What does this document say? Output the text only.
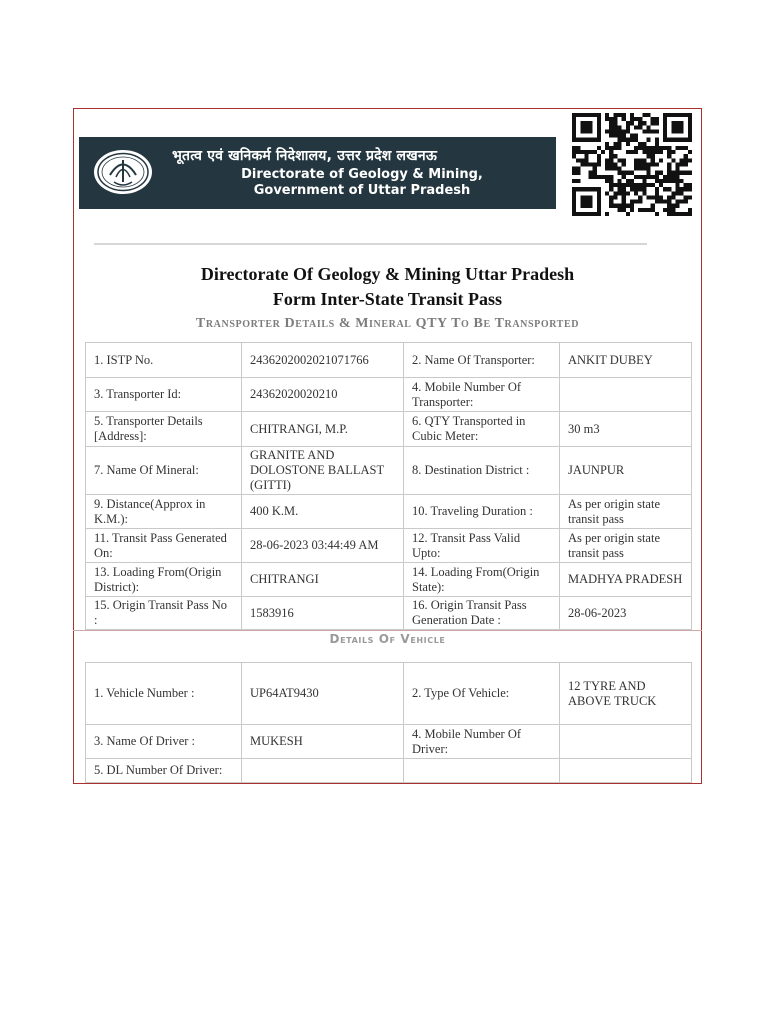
भूतत्व एवं खनिकर्म निदेशालय, उत्तर प्रदेश लखनऊ
Directorate of Geology & Mining,
Government of Uttar Pradesh
Directorate Of Geology & Mining Uttar Pradesh
Form Inter-State Transit Pass
Transporter Details & Mineral QTY To Be Transported
1. ISTP No.	2436202002021071766	2. Name Of Transporter:	ANKIT DUBEY
3. Transporter Id:	24362020020210	4. Mobile Number Of Transporter:	
5. Transporter Details [Address]:	CHITRANGI, M.P.	6. QTY Transported in Cubic Meter:	30 m3
7. Name Of Mineral:	GRANITE AND DOLOSTONE BALLAST (GITTI)	8. Destination District :	JAUNPUR
9. Distance(Approx in K.M.):	400 K.M.	10. Traveling Duration :	As per origin state transit pass
11. Transit Pass Generated On:	28-06-2023 03:44:49 AM	12. Transit Pass Valid Upto:	As per origin state transit pass
13. Loading From(Origin District):	CHITRANGI	14. Loading From(Origin State):	MADHYA PRADESH
15. Origin Transit Pass No :	1583916	16. Origin Transit Pass Generation Date :	28-06-2023
Details Of Vehicle
1. Vehicle Number :	UP64AT9430	2. Type Of Vehicle:	12 TYRE AND ABOVE TRUCK
3. Name Of Driver :	MUKESH	4. Mobile Number Of Driver:	
5. DL Number Of Driver:			
